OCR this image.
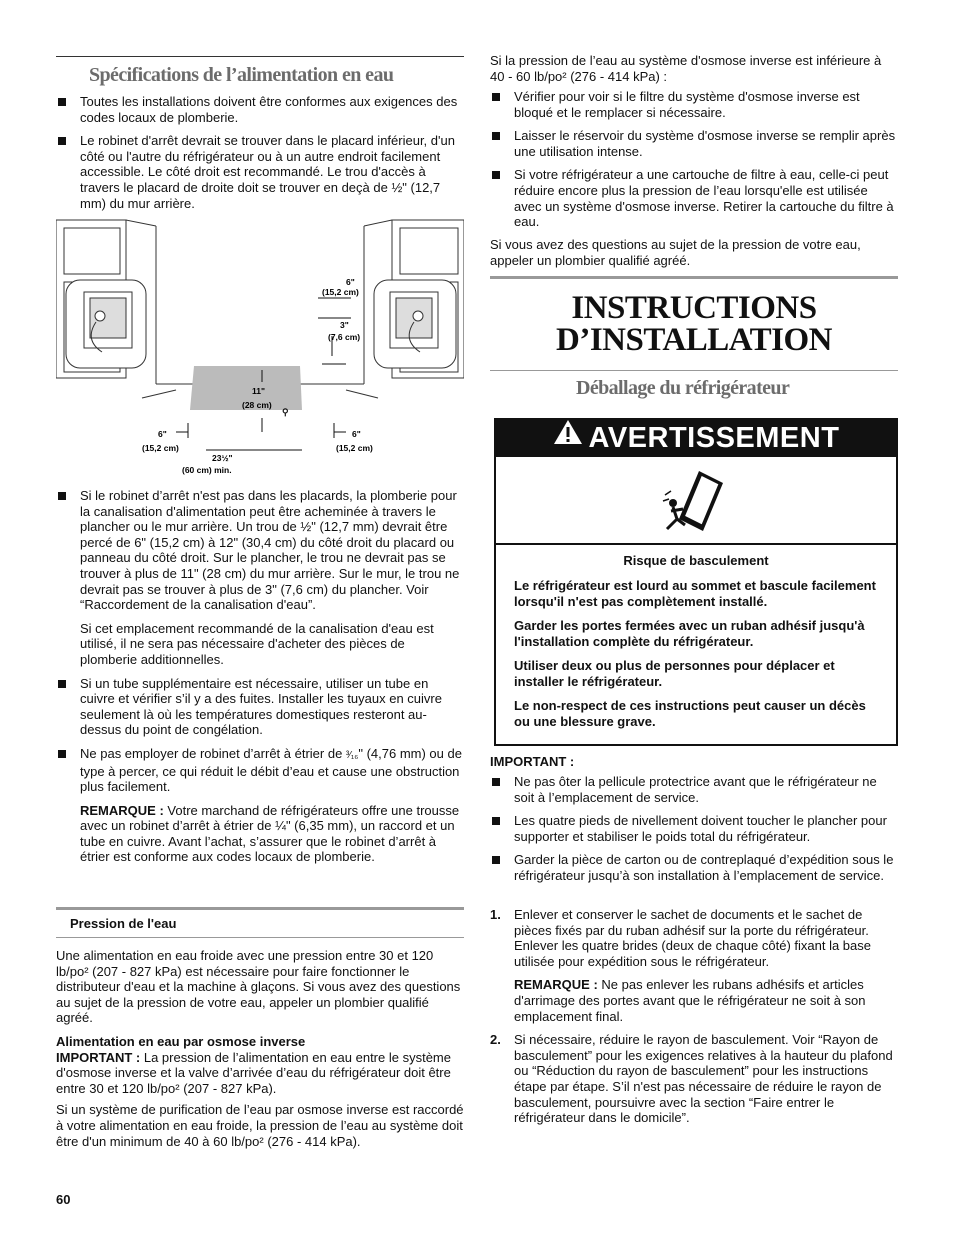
Spécifications de l’alimentation en eau

Toutes les installations doivent être conformes aux exigences des codes locaux de plomberie.

Le robinet d'arrêt devrait se trouver dans le placard inférieur, d'un côté ou l'autre du réfrigérateur ou à un autre endroit facilement accessible. Le côté droit est recommandé. Le trou d'accès à travers le placard de droite doit se trouver en deçà de ½" (12,7 mm) du mur arrière.

⚲
6"
(15,2 cm)
3"
(7,6 cm)
11"
(28 cm)
6"
(15,2 cm)
23½"
(60 cm) min.
6"
(15,2 cm)

Si le robinet d’arrêt n'est pas dans les placards, la plomberie pour la canalisation d'alimentation peut être acheminée à travers le plancher ou le mur arrière. Un trou de ½" (12,7 mm) devrait être percé de 6" (15,2 cm) à 12" (30,4 cm) du côté droit du placard ou panneau du côté droit. Sur le plancher, le trou ne devrait pas se trouver à plus de 11" (28 cm) du mur arrière. Sur le mur, le trou ne devrait pas se trouver à plus de 3" (7,6 cm) du plancher. Voir “Raccordement de la canalisation d'eau”.

Si cet emplacement recommandé de la canalisation d'eau est utilisé, il ne sera pas nécessaire d'acheter des pièces de plomberie additionnelles.

Si un tube supplémentaire est nécessaire, utiliser un tube en cuivre et vérifier s’il y a des fuites. Installer les tuyaux en cuivre seulement là où les températures domestiques resteront au-dessus du point de congélation.

Ne pas employer de robinet d’arrêt à étrier de ³⁄₁₆" (4,76 mm) ou de type à percer, ce qui réduit le débit d’eau et cause une obstruction plus facilement.

REMARQUE : Votre marchand de réfrigérateurs offre une trousse avec un robinet d’arrêt à étrier de ¼" (6,35 mm), un raccord et un tube en cuivre. Avant l’achat, s’assurer que le robinet d’arrêt à étrier est conforme aux codes locaux de plomberie.

Pression de l'eau

Une alimentation en eau froide avec une pression entre 30 et 120 lb/po² (207 - 827 kPa) est nécessaire pour faire fonctionner le distributeur d'eau et la machine à glaçons. Si vous avez des questions au sujet de la pression de votre eau, appeler un plombier qualifié agréé.

Alimentation en eau par osmose inverse

IMPORTANT : La pression de l’alimentation en eau entre le système d'osmose inverse et la valve d’arrivée d’eau du réfrigérateur doit être entre 30 et 120 lb/po² (207 - 827 kPa).

Si un système de purification de l’eau par osmose inverse est raccordé à votre alimentation en eau froide, la pression de l’eau au système doit être d'un minimum de 40 à 60 lb/po² (276 - 414 kPa).

60

Si la pression de l’eau au système d'osmose inverse est inférieure à 40 - 60 lb/po² (276 - 414 kPa) :

Vérifier pour voir si le filtre du système d'osmose inverse est bloqué et le remplacer si nécessaire.

Laisser le réservoir du système d'osmose inverse se remplir après une utilisation intense.

Si votre réfrigérateur a une cartouche de filtre à eau, celle-ci peut réduire encore plus la pression de l’eau lorsqu'elle est utilisée avec un système d'osmose inverse. Retirer la cartouche du filtre à eau.

Si vous avez des questions au sujet de la pression de votre eau, appeler un plombier qualifié agréé.

INSTRUCTIONS
D’INSTALLATION
Déballage du réfrigérateur
AVERTISSEMENT

Risque de basculement

Le réfrigérateur est lourd au sommet et bascule facilement lorsqu'il n'est pas complètement installé.

Garder les portes fermées avec un ruban adhésif jusqu'à l'installation complète du réfrigérateur.

Utiliser deux ou plus de personnes pour déplacer et installer le réfrigérateur.

Le non-respect de ces instructions peut causer un décès ou une blessure grave.

IMPORTANT :

Ne pas ôter la pellicule protectrice avant que le réfrigérateur ne soit à l’emplacement de service.

Les quatre pieds de nivellement doivent toucher le plancher pour supporter et stabiliser le poids total du réfrigérateur.

Garder la pièce de carton ou de contreplaqué d’expédition sous le réfrigérateur jusqu’à son installation à l’emplacement de service.

1. Enlever et conserver le sachet de documents et le sachet de pièces fixés par du ruban adhésif sur la porte du réfrigérateur. Enlever les quatre brides (deux de chaque côté) fixant la base utilisée pour expédition sous le réfrigérateur.

REMARQUE : Ne pas enlever les rubans adhésifs et articles d'arrimage des portes avant que le réfrigérateur ne soit à son emplacement final.

2. Si nécessaire, réduire le rayon de basculement. Voir “Rayon de basculement” pour les exigences relatives à la hauteur du plafond ou “Réduction du rayon de basculement” pour les instructions étape par étape. S’il n'est pas nécessaire de réduire le rayon de basculement, poursuivre avec la section “Faire entrer le réfrigérateur dans le domicile”.
